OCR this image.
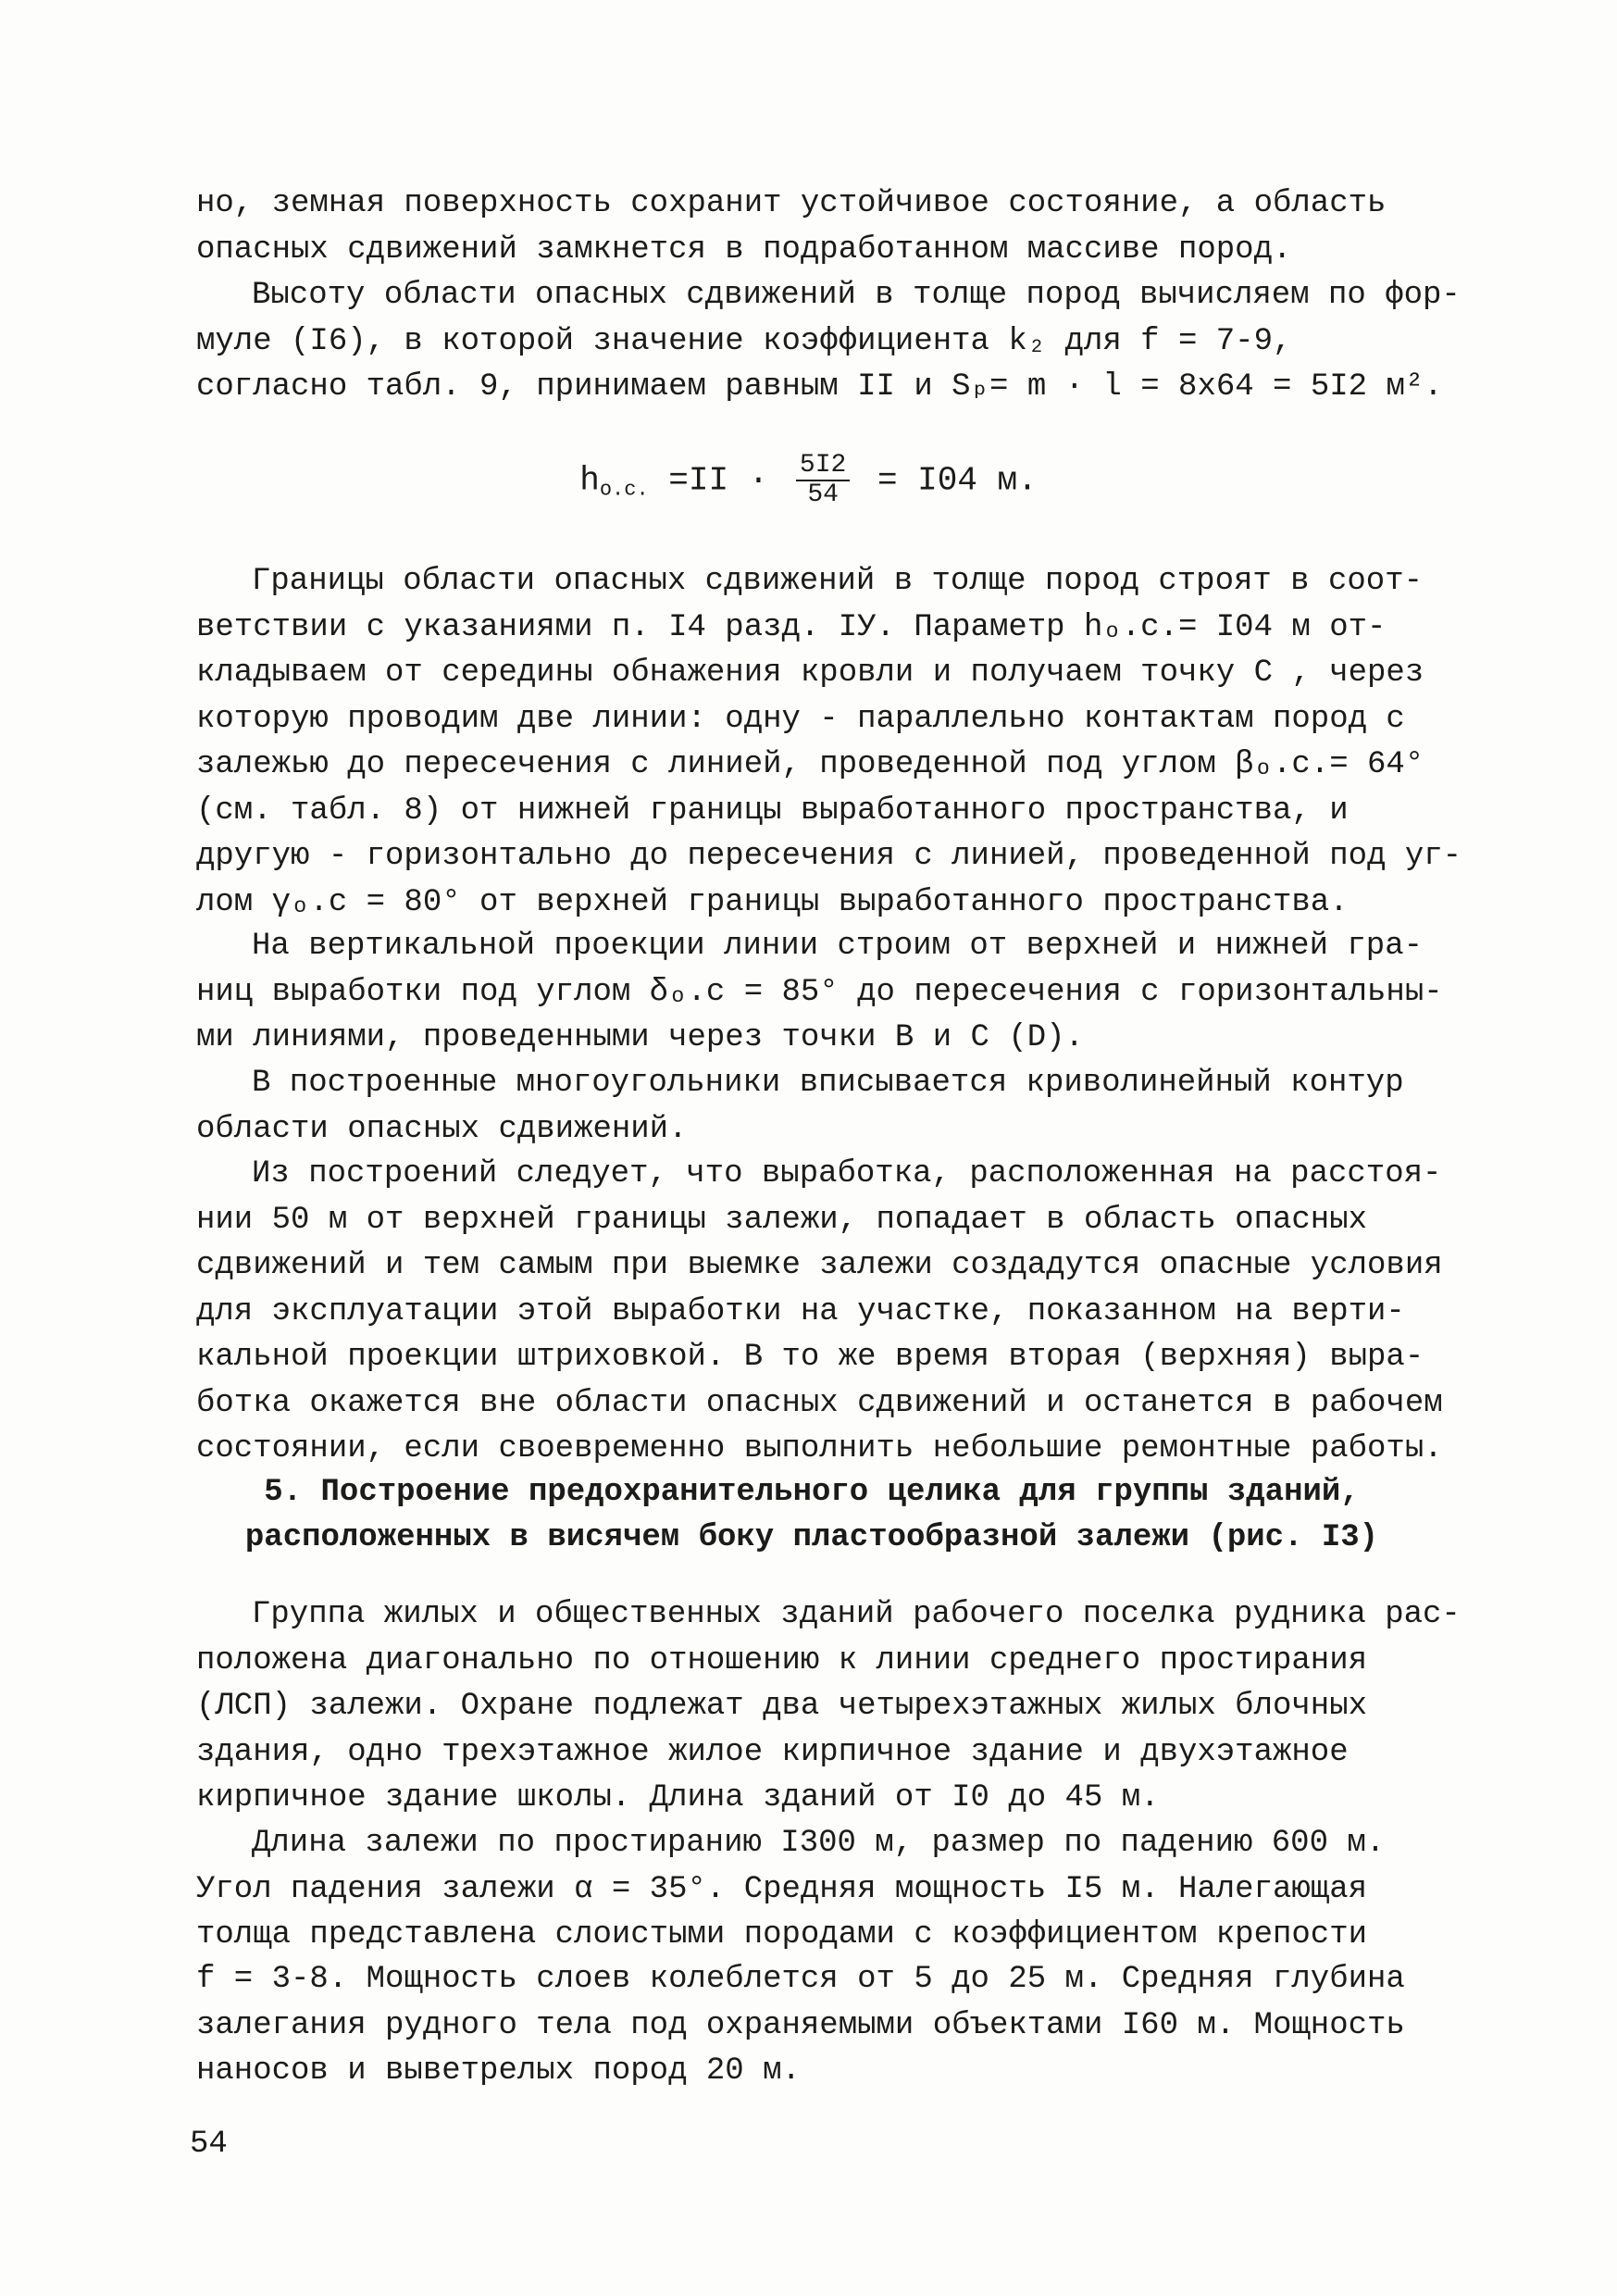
но, земная поверхность сохранит устойчивое состояние, а область
опасных сдвижений замкнется в подработанном массиве пород.

Высоту области опасных сдвижений в толще пород вычисляем по фор-
муле (I6), в которой значение коэффициента k₂ для f = 7-9,
согласно табл. 9, принимаем равным II и Sₚ= m · l = 8x64 = 5I2 м².

$h_{o.c.} =II \cdot \frac{5I2}{54} = I04$ м.

Границы области опасных сдвижений в толще пород строят в соот-
ветствии с указаниями п. I4 разд. IУ. Параметр hₒ.c.= I04 м от-
кладываем от середины обнажения кровли и получаем точку С , через
которую проводим две линии: одну - параллельно контактам пород с
залежью до пересечения с линией, проведенной под углом βₒ.c.= 64°
(см. табл. 8) от нижней границы выработанного пространства, и
другую - горизонтально до пересечения с линией, проведенной под уг-
лом γₒ.c = 80° от верхней границы выработанного пространства.

На вертикальной проекции линии строим от верхней и нижней гра-
ниц выработки под углом δₒ.c = 85° до пересечения с горизонтальны-
ми линиями, проведенными через точки В и С (D).

В построенные многоугольники вписывается криволинейный контур
области опасных сдвижений.

Из построений следует, что выработка, расположенная на расстоя-
нии 50 м от верхней границы залежи, попадает в область опасных
сдвижений и тем самым при выемке залежи создадутся опасные условия
для эксплуатации этой выработки на участке, показанном на верти-
кальной проекции штриховкой. В то же время вторая (верхняя) выра-
ботка окажется вне области опасных сдвижений и останется в рабочем
состоянии, если своевременно выполнить небольшие ремонтные работы.

5. Построение предохранительного целика для группы зданий,
расположенных в висячем боку пластообразной залежи (рис. I3)

Группа жилых и общественных зданий рабочего поселка рудника рас-
положена диагонально по отношению к линии среднего простирания
(ЛСП) залежи. Охране подлежат два четырехэтажных жилых блочных
здания, одно трехэтажное жилое кирпичное здание и двухэтажное
кирпичное здание школы. Длина зданий от I0 до 45 м.

Длина залежи по простиранию I300 м, размер по падению 600 м.
Угол падения залежи α = 35°. Средняя мощность I5 м. Налегающая
толща представлена слоистыми породами с коэффициентом крепости

f = 3-8. Мощность слоев колеблется от 5 до 25 м. Средняя глубина
залегания рудного тела под охраняемыми объектами I60 м. Мощность
наносов и выветрелых пород 20 м.

54
